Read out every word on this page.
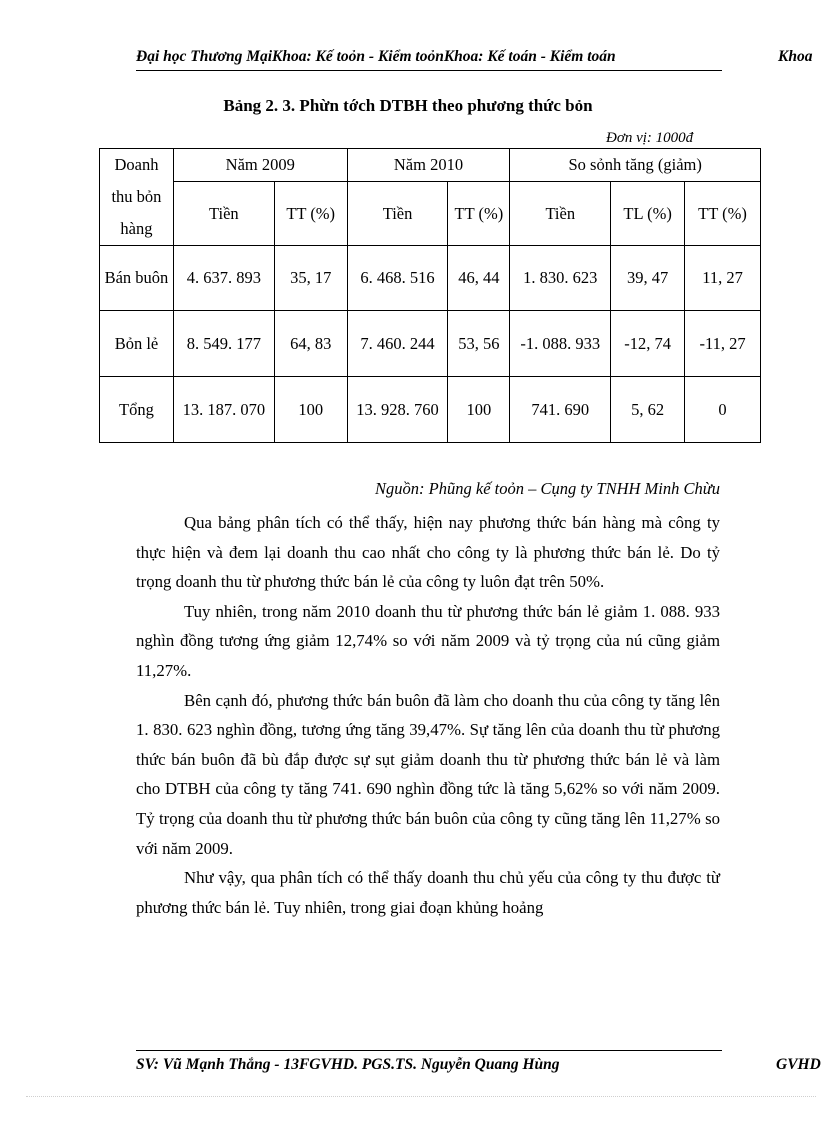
Đại học Thương MạiKhoa: Kế toỏn - Kiểm toỏnKhoa: Kế toán - Kiểm toán	Khoa
Bảng 2. 3. Phừn tớch DTBH theo phương thức bỏn
Đơn vị: 1000đ
Doanh thu bỏn hàng	Năm 2009		Năm 2010		So sỏnh tăng (giảm)		
	Tiền	TT (%)	Tiền	TT (%)	Tiền	TL (%)	TT (%)
Bán buôn	4. 637. 893	35, 17	6. 468. 516	46, 44	1. 830. 623	39, 47	11, 27
Bỏn lẻ	8. 549. 177	64, 83	7. 460. 244	53, 56	-1. 088. 933	-12, 74	-11, 27
Tổng	13. 187. 070	100	13. 928. 760	100	741. 690	5, 62	0
Nguồn: Phũng kế toỏn – Cụng ty TNHH Minh Chừu

Qua bảng phân tích có thể thấy, hiện nay phương thức bán hàng mà công ty thực hiện và đem lại doanh thu cao nhất cho công ty là phương thức bán lẻ. Do tỷ trọng doanh thu từ phương thức bán lẻ của công ty luôn đạt trên 50%.

Tuy nhiên, trong năm 2010 doanh thu từ phương thức bán lẻ giảm 1. 088. 933 nghìn đồng tương ứng giảm 12,74% so với năm 2009 và tỷ trọng của nú cũng giảm 11,27%.

Bên cạnh đó, phương thức bán buôn đã làm cho doanh thu của công ty tăng lên 1. 830. 623 nghìn đồng, tương ứng tăng 39,47%. Sự tăng lên của doanh thu từ phương thức bán buôn đã bù đắp được sự sụt giảm doanh thu từ phương thức bán lẻ và làm cho DTBH của công ty tăng 741. 690 nghìn đồng tức là tăng 5,62% so với năm 2009. Tỷ trọng của doanh thu từ phương thức bán buôn của công ty cũng tăng lên 11,27% so với năm 2009.

Như vậy, qua phân tích có thể thấy doanh thu chủ yếu của công ty thu được từ phương thức bán lẻ. Tuy nhiên, trong giai đoạn khủng hoảng

SV: Vũ Mạnh Thắng - 13FGVHD. PGS.TS. Nguyễn Quang Hùng	GVHD
